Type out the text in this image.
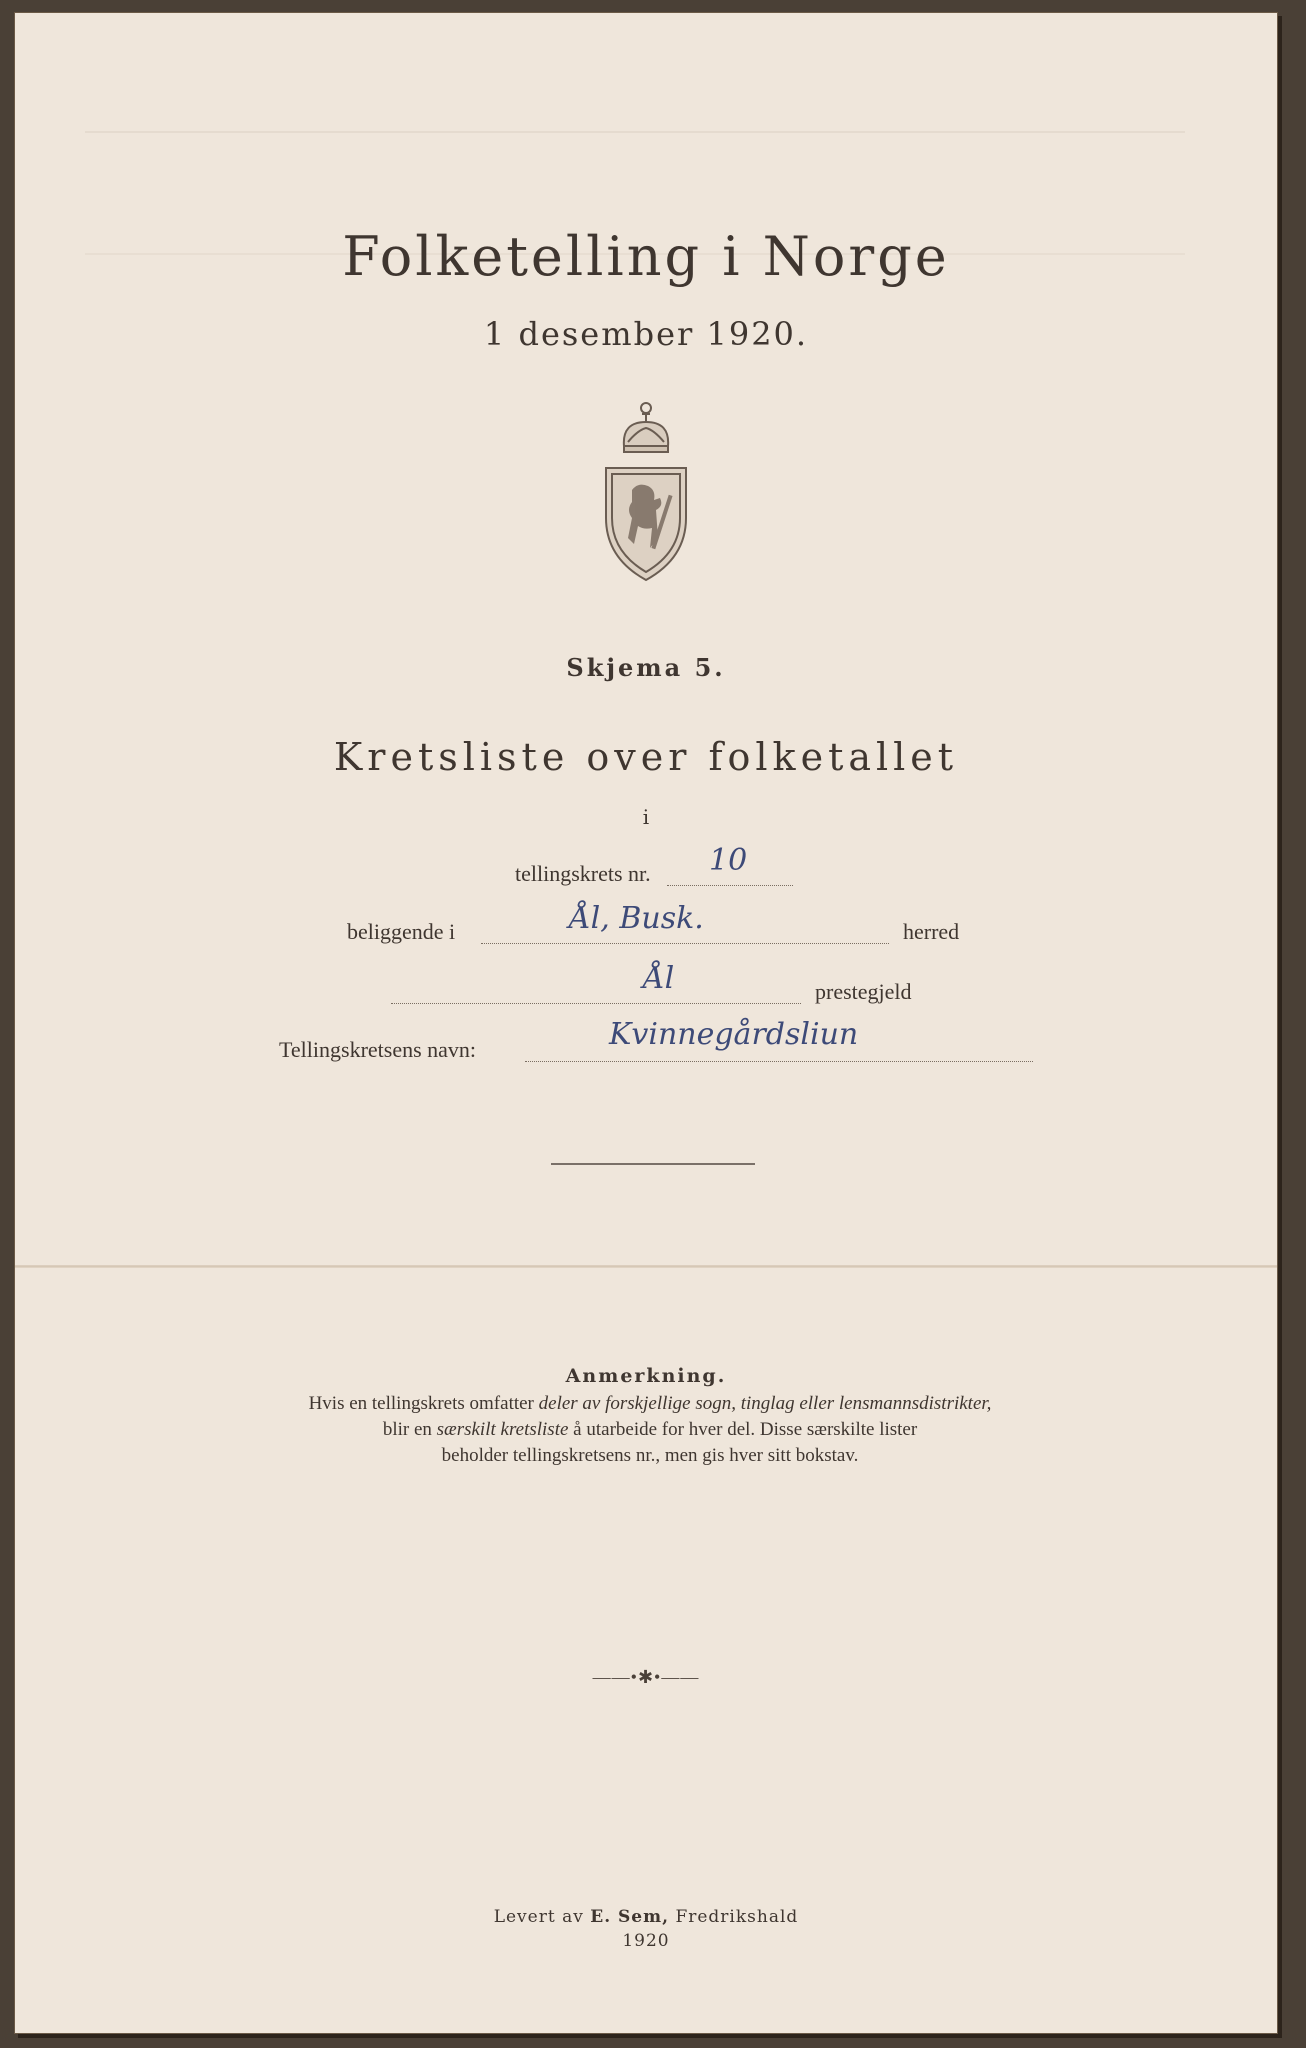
Folketelling i Norge
1 desember 1920.
Skjema 5.
Kretsliste over folketallet
i
tellingskrets nr. 10
beliggende i	Ål, Busk.	herred
Ål	prestegjeld
Tellingskretsens navn:	Kvinnegårdsliun
Anmerkning.
Hvis en tellingskrets omfatter deler av forskjellige sogn, tinglag eller lensmannsdistrikter,
blir en særskilt kretsliste å utarbeide for hver del. Disse særskilte lister
beholder tellingskretsens nr., men gis hver sitt bokstav.
——•✱•——
Levert av E. Sem, Fredrikshald
1920
